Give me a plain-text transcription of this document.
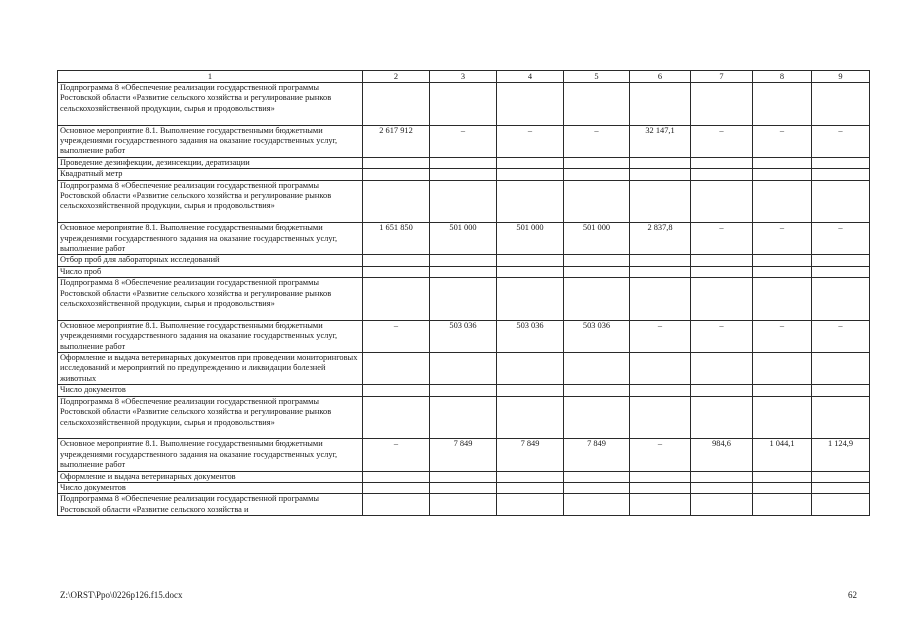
1	2	3	4	5	6	7	8	9
Подпрограмма 8 «Обеспечение реализации государственной программы Ростовской области «Развитие сельского хозяйства и регулирование рынков сельскохозяйственной продукции, сырья и продовольствия»								
Основное мероприятие 8.1. Выполнение государственными бюджетными учреждениями государственного задания на оказание государственных услуг, выполнение работ	2 617 912	–	–	–	32 147,1	–	–	–
Проведение дезинфекции, дезинсекции, дератизации								
Квадратный метр								
Подпрограмма 8 «Обеспечение реализации государственной программы Ростовской области «Развитие сельского хозяйства и регулирование рынков сельскохозяйственной продукции, сырья и продовольствия»								
Основное мероприятие 8.1. Выполнение государственными бюджетными учреждениями государственного задания на оказание государственных услуг, выполнение работ	1 651 850	501 000	501 000	501 000	2 837,8	–	–	–
Отбор проб для лабораторных исследований								
Число проб								
Подпрограмма 8 «Обеспечение реализации государственной программы Ростовской области «Развитие сельского хозяйства и регулирование рынков сельскохозяйственной продукции, сырья и продовольствия»								
Основное мероприятие 8.1. Выполнение государственными бюджетными учреждениями государственного задания на оказание государственных услуг, выполнение работ	–	503 036	503 036	503 036	–	–	–	–
Оформление и выдача ветеринарных документов при проведении мониторинговых исследований и мероприятий по предупреждению и ликвидации болезней животных								
Число документов								
Подпрограмма 8 «Обеспечение реализации государственной программы Ростовской области «Развитие сельского хозяйства и регулирование рынков сельскохозяйственной продукции, сырья и продовольствия»								
Основное мероприятие 8.1. Выполнение государственными бюджетными учреждениями государственного задания на оказание государственных услуг, выполнение работ	–	7 849	7 849	7 849	–	984,6	1 044,1	1 124,9
Оформление и выдача ветеринарных документов								
Число документов								
Подпрограмма 8 «Обеспечение реализации государственной программы Ростовской области «Развитие сельского хозяйства и								
Z:\ORST\Ppo\0226p126.f15.docx	62
